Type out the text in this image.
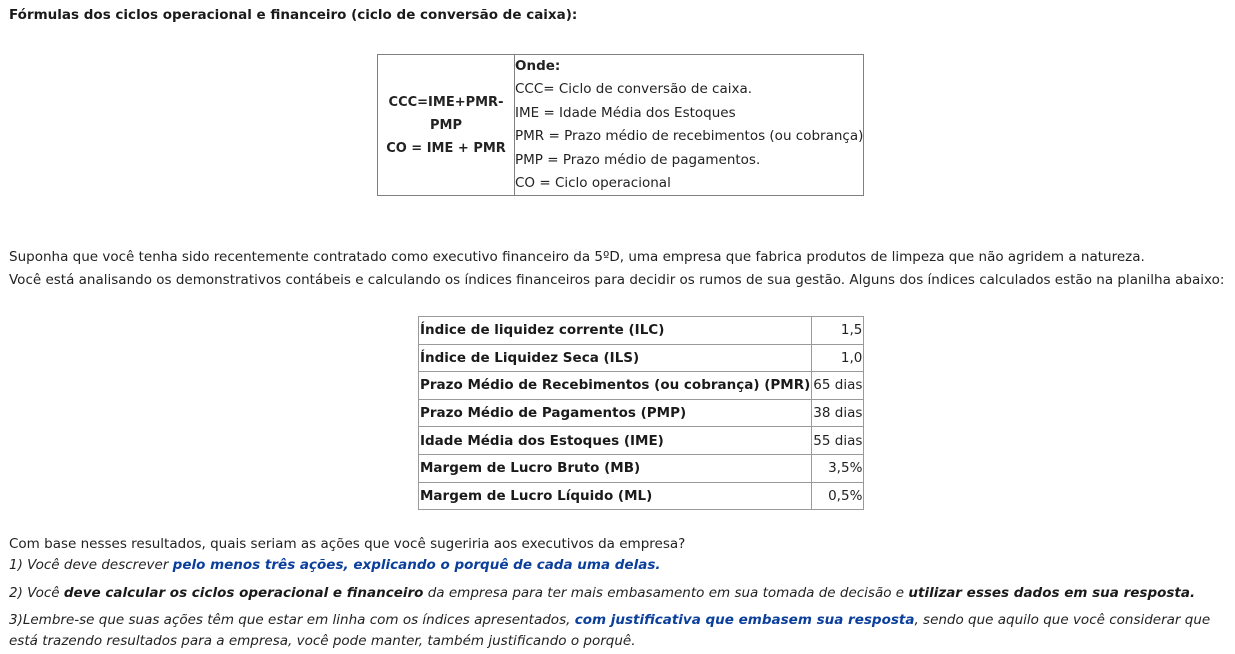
Fórmulas dos ciclos operacional e financeiro (ciclo de conversão de caixa):
CCC=IME+PMR-PMP
CO = IME + PMR

Onde:
CCC= Ciclo de conversão de caixa.
IME = Idade Média dos Estoques
PMR = Prazo médio de recebimentos (ou cobrança)
PMP = Prazo médio de pagamentos.
CO = Ciclo operacional
Suponha que você tenha sido recentemente contratado como executivo financeiro da 5ºD, uma empresa que fabrica produtos de limpeza que não agridem a natureza.
Você está analisando os demonstrativos contábeis e calculando os índices financeiros para decidir os rumos de sua gestão. Alguns dos índices calculados estão na planilha abaixo:
Índice de liquidez corrente (ILC)	1,5
Índice de Liquidez Seca (ILS)	1,0
Prazo Médio de Recebimentos (ou cobrança) (PMR)	65 dias
Prazo Médio de Pagamentos (PMP)	38 dias
Idade Média dos Estoques (IME)	55 dias
Margem de Lucro Bruto (MB)	3,5%
Margem de Lucro Líquido (ML)	0,5%
Com base nesses resultados, quais seriam as ações que você sugeriria aos executivos da empresa?

1) Você deve descrever pelo menos três ações, explicando o porquê de cada uma delas.

2) Você deve calcular os ciclos operacional e financeiro da empresa para ter mais embasamento em sua tomada de decisão e utilizar esses dados em sua resposta.

3)Lembre-se que suas ações têm que estar em linha com os índices apresentados, com justificativa que embasem sua resposta, sendo que aquilo que você considerar que está trazendo resultados para a empresa, você pode manter, também justificando o porquê.
